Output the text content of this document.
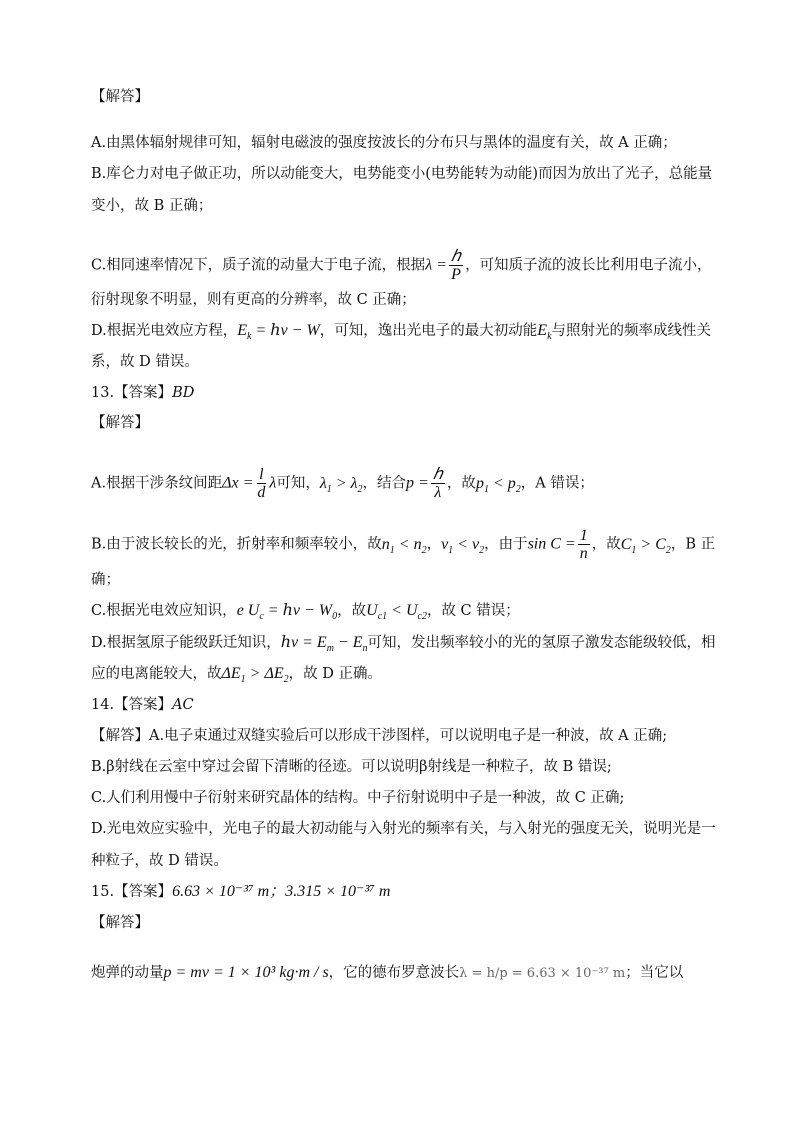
【解答】
A.由黑体辐射规律可知，辐射电磁波的强度按波长的分布只与黑体的温度有关，故 A 正确；
B.库仑力对电子做正功，所以动能变大，电势能变小(电势能转为动能)而因为放出了光子，总能量
变小，故 B 正确；
C.相同速率情况下，质子流的动量大于电子流，根据$\lambda = \frac{\text{ℎ}}{P}$ ，可知质子流的波长比利用电子流小，
衍射现象不明显，则有更高的分辨率，故 C 正确；
D.根据光电效应方程，$E_k$ = ℎν − W，可知，逸出光电子的最大初动能$E_k$与照射光的频率成线性关
系，故 D 错误。
13.【答案】BD
【解答】
A.根据干涉条纹间距$\Delta x = \frac{l}{d}$ λ可知，$\lambda_1 > \lambda_2$，结合$p = \frac{\text{ℎ}}{\lambda}$ ，故$p_1 < p_2$，A 错误；
B.由于波长较长的光，折射率和频率较小，故$n_1 < n_2$，$\nu_1 < \nu_2$，由于$\sin C = \frac{1}{n}$ ，故$C_1 > C_2$，B 正
确；
C.根据光电效应知识，e $U_c$ = ℎν − $W_0$，故$U_{c1} < U_{c2}$，故 C 错误；
D.根据氢原子能级跃迁知识，ℎν = $E_m - E_n$可知，发出频率较小的光的氢原子激发态能级较低，相
应的电离能较大，故$\Delta E_1 > \Delta E_2$，故 D 正确。
14.【答案】AC
【解答】A.电子束通过双缝实验后可以形成干涉图样，可以说明电子是一种波，故 A 正确;
B.β射线在云室中穿过会留下清晰的径迹。可以说明β射线是一种粒子，故 B 错误;
C.人们利用慢中子衍射来研究晶体的结构。中子衍射说明中子是一种波，故 C 正确;
D.光电效应实验中，光电子的最大初动能与入射光的频率有关，与入射光的强度无关，说明光是一
种粒子，故 D 错误。
15.【答案】6.63 × 10⁻³⁷ m；3.315 × 10⁻³⁷ m
【解答】
炮弹的动量p = mv = 1 × 10³ kg·m / s，它的德布罗意波长λ = h/p = 6.63 × 10⁻³⁷ m；当它以
